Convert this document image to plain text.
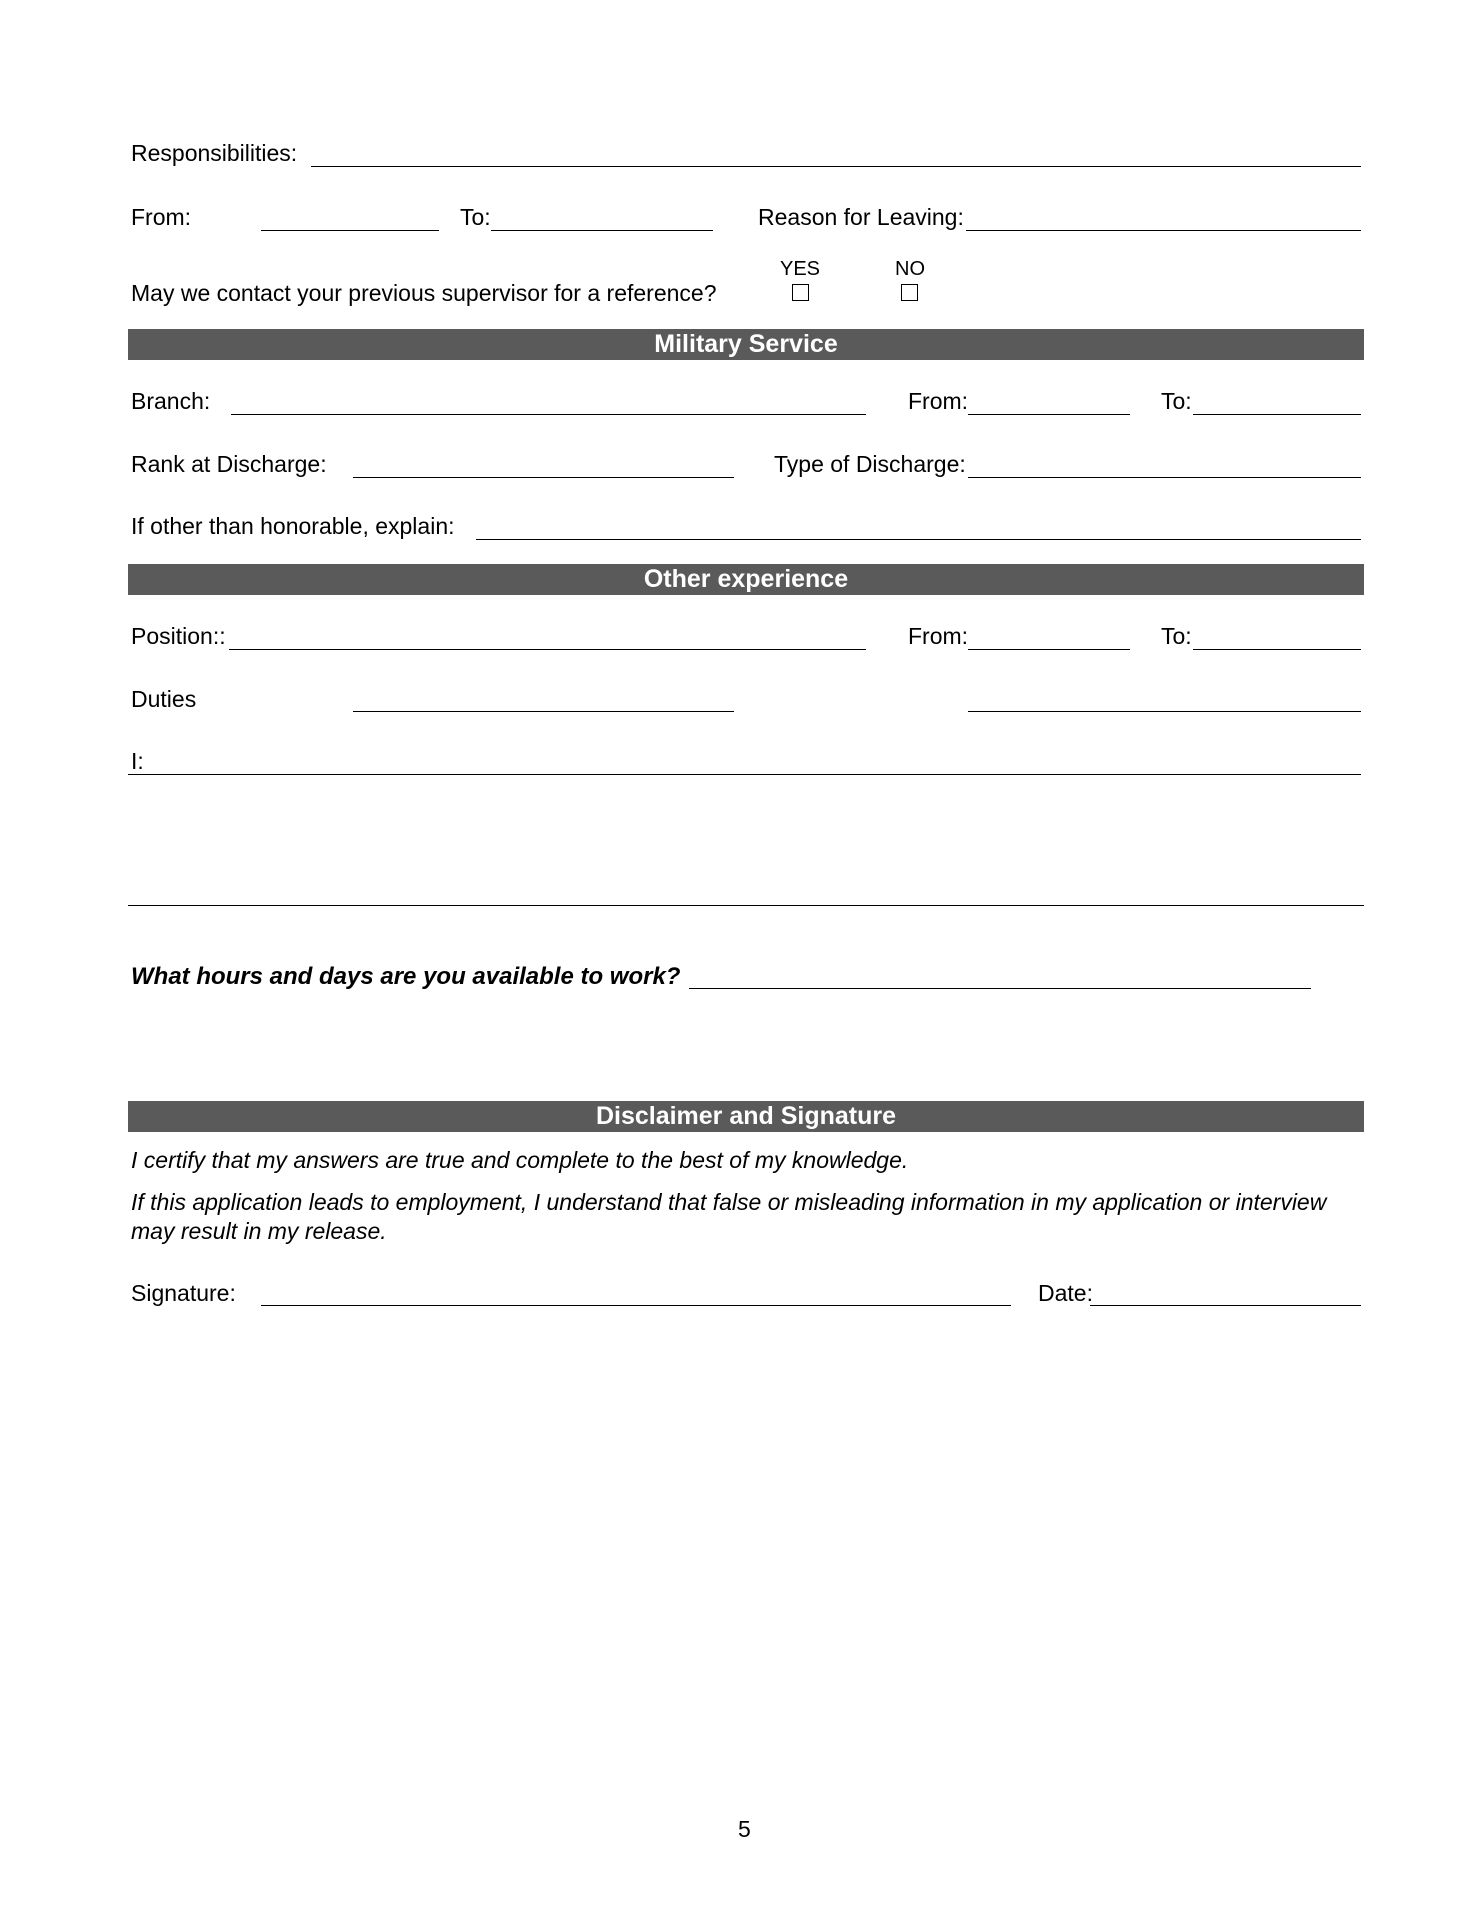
Responsibilities:
From:	To:	Reason for Leaving:
YES	NO
May we contact your previous supervisor for a reference?
Military Service
Branch:	From:	To:
Rank at Discharge:	Type of Discharge:
If other than honorable, explain:
Other experience
Position::	From:	To:
Duties
I:
What hours and days are you available to work?
Disclaimer and Signature
I certify that my answers are true and complete to the best of my knowledge.
If this application leads to employment, I understand that false or misleading information in my application or interview may result in my release.
Signature:	Date:
5
